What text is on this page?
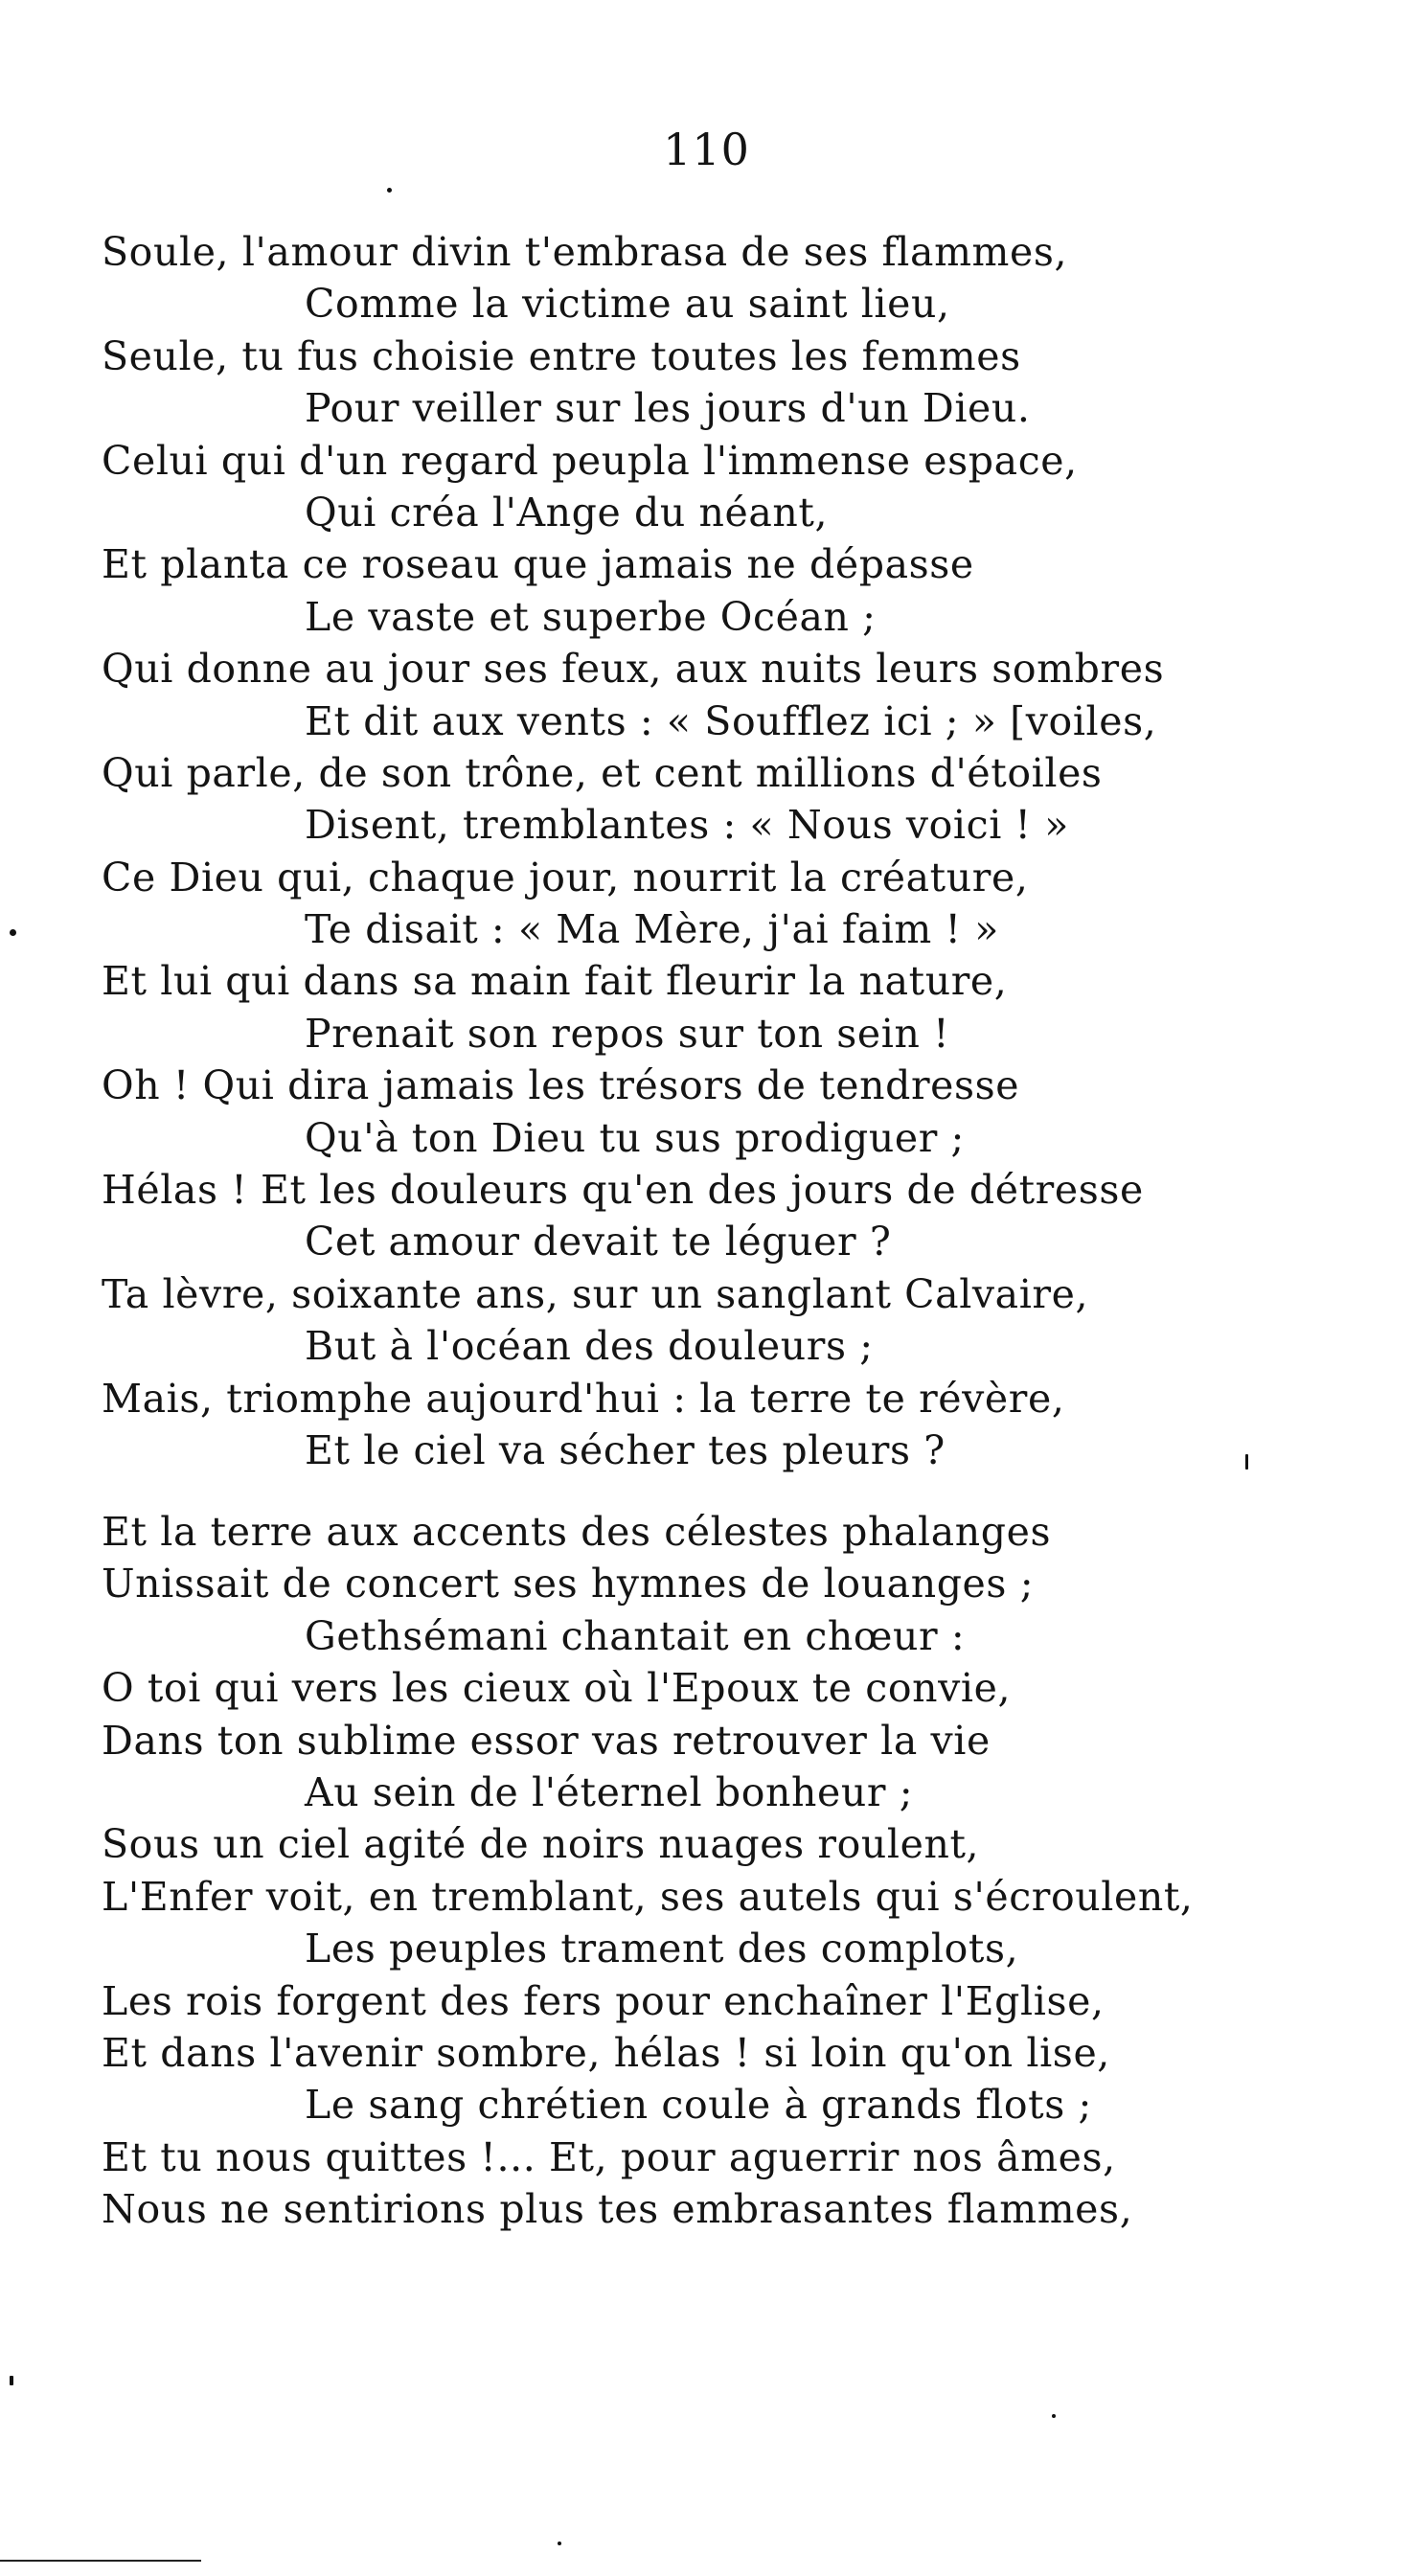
110
Soule, l'amour divin t'embrasa de ses flammes,
Comme la victime au saint lieu,
Seule, tu fus choisie entre toutes les femmes
Pour veiller sur les jours d'un Dieu.
Celui qui d'un regard peupla l'immense espace,
Qui créa l'Ange du néant,
Et planta ce roseau que jamais ne dépasse
Le vaste et superbe Océan ;
Qui donne au jour ses feux, aux nuits leurs sombres
Et dit aux vents : « Soufflez ici ; » [voiles,
Qui parle, de son trône, et cent millions d'étoiles
Disent, tremblantes : « Nous voici ! »
Ce Dieu qui, chaque jour, nourrit la créature,
Te disait : « Ma Mère, j'ai faim ! »
Et lui qui dans sa main fait fleurir la nature,
Prenait son repos sur ton sein !
Oh ! Qui dira jamais les trésors de tendresse
Qu'à ton Dieu tu sus prodiguer ;
Hélas ! Et les douleurs qu'en des jours de détresse
Cet amour devait te léguer ?
Ta lèvre, soixante ans, sur un sanglant Calvaire,
But à l'océan des douleurs ;
Mais, triomphe aujourd'hui : la terre te révère,
Et le ciel va sécher tes pleurs ?
Et la terre aux accents des célestes phalanges
Unissait de concert ses hymnes de louanges ;
Gethsémani chantait en chœur :
O toi qui vers les cieux où l'Epoux te convie,
Dans ton sublime essor vas retrouver la vie
Au sein de l'éternel bonheur ;
Sous un ciel agité de noirs nuages roulent,
L'Enfer voit, en tremblant, ses autels qui s'écroulent,
Les peuples trament des complots,
Les rois forgent des fers pour enchaîner l'Eglise,
Et dans l'avenir sombre, hélas ! si loin qu'on lise,
Le sang chrétien coule à grands flots ;
Et tu nous quittes !... Et, pour aguerrir nos âmes,
Nous ne sentirions plus tes embrasantes flammes,
